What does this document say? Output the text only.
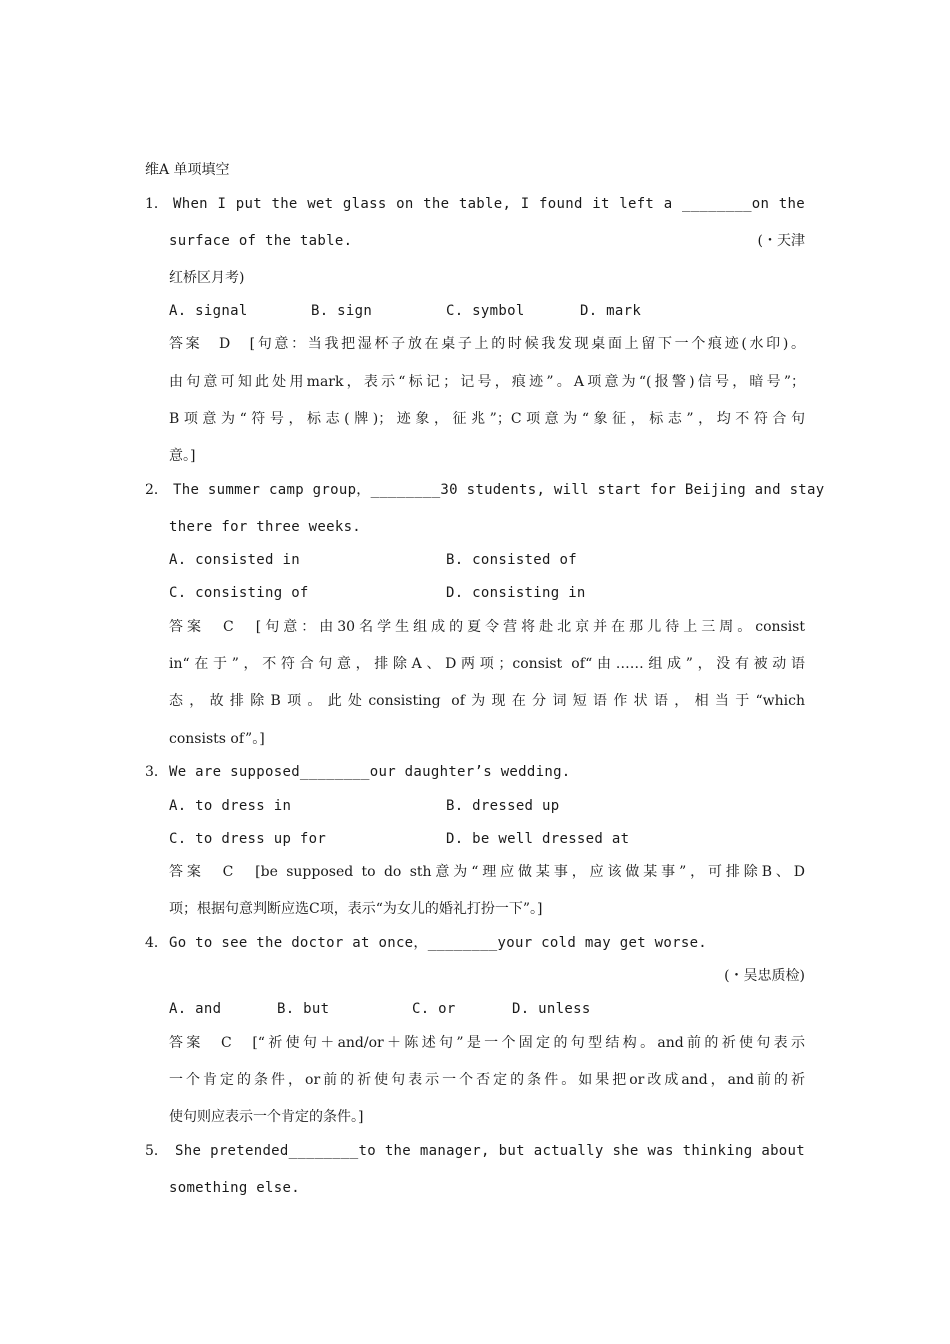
维A 单项填空
1． When I put the wet glass on the table, I found it left a ________on the
surface of the table.	(・天津
红桥区月考)
A. signal	B. sign	C. symbol	D. mark
答案　D　[句意：当我把湿杯子放在桌子上的时候我发现桌面上留下一个痕迹(水印)。
由句意可知此处用mark，表示“标记；记号，痕迹”。A项意为“(报警)信号，暗号”；
B项意为“符号，标志(牌)；迹象，征兆”；C项意为“象征，标志”，均不符合句
意。]
2． The summer camp group，________30 students, will start for Beijing and stay
there for three weeks.
A. consisted in	B. consisted of
C. consisting of	D. consisting in
答案　C　[句意：由30名学生组成的夏令营将赴北京并在那儿待上三周。consist
in“在于”，不符合句意，排除A、D两项；consist of“由……组成”，没有被动语
态，故排除B项。此处consisting of为现在分词短语作状语，相当于“which
consists of”。]
3． We are supposed________our daughter’s wedding.
A. to dress in	B. dressed up
C. to dress up for	D. be well dressed at
答案　C　[be supposed to do sth意为“理应做某事，应该做某事”，可排除B、D
项；根据句意判断应选C项，表示“为女儿的婚礼打扮一下”。]
4． Go to see the doctor at once，________your cold may get worse.
(・吴忠质检)
A. and	B. but	C. or	D. unless
答案　C　[“祈使句＋and/or＋陈述句”是一个固定的句型结构。and前的祈使句表示
一个肯定的条件，or前的祈使句表示一个否定的条件。如果把or改成and，and前的祈
使句则应表示一个肯定的条件。]
5． She pretended________to the manager, but actually she was thinking about
something else.
